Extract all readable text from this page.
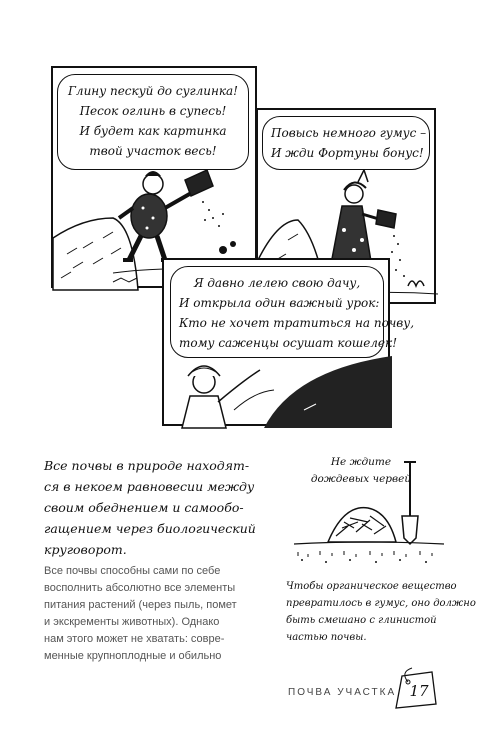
Глину пескуй до суглинка!
Песок оглинь в супесь!
И будет как картинка
твой участок весь!
Повысь немного гумус –
И жди Фортуны бонус!
Я давно лелею свою дачу,
И открыла один важный урок:
Кто не хочет тратиться на почву,
тому саженцы осушат кошелек!
Все почвы в природе находят-
ся в некоем равновесии между
своим обеднением и самообо-
гащением через биологический
круговорот.
Все почвы способны сами по себе
восполнить абсолютно все элементы
питания растений (через пыль, помет
и экскременты животных). Однако
нам этого может не хватать: совре-
менные крупноплодные и обильно
Не ждите
дождевых червей
Чтобы органическое вещество
превратилось в гумус, оно должно
быть смешано с глинистой
частью почвы.
ПОЧВА УЧАСТКА 17
